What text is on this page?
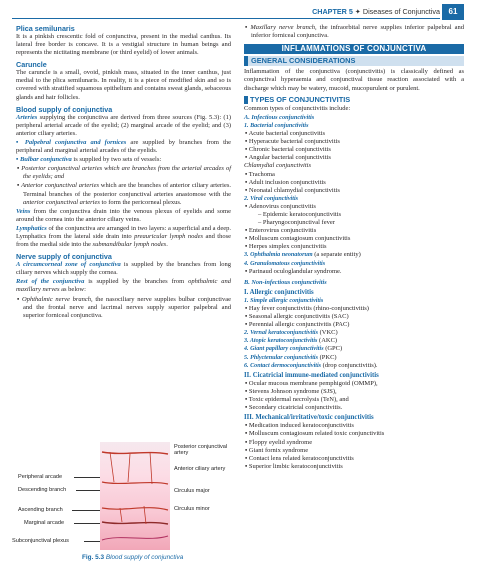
CHAPTER 5 ✦ Diseases of Conjunctiva	61
Plica semilunaris
It is a pinkish crescentic fold of conjunctiva, present in the medial canthus. Its lateral free border is concave. It is a vestigial structure in human beings and represents the nictitating membrane (or third eyelid) of lower animals.
Caruncle
The caruncle is a small, ovoid, pinkish mass, situated in the inner canthus, just medial to the plica semilunaris. In reality, it is a piece of modified skin and so is covered with stratified squamous epithelium and contains sweat glands, sebaceous glands and hair follicles.
Blood supply of conjunctiva
Arteries supplying the conjunctiva are derived from three sources (Fig. 5.3): (1) peripheral arterial arcade of the eyelid; (2) marginal arcade of the eyelid; and (3) anterior ciliary arteries.
▪ Palpebral conjunctiva and fornices are supplied by branches from the peripheral and marginal arterial arcades of the eyelids.
▪ Bulbar conjunctiva is supplied by two sets of vessels:
• Posterior conjunctival arteries which are branches from the arterial arcades of the eyelids; and
• Anterior conjunctival arteries which are the branches of anterior ciliary arteries. Terminal branches of the posterior conjunctival arteries anastomose with the anterior conjunctival arteries to form the pericorneal plexus.
Veins from the conjunctiva drain into the venous plexus of eyelids and some around the cornea into the anterior ciliary veins.
Lymphatics of the conjunctiva are arranged in two layers: a superficial and a deep. Lymphatics from the lateral side drain into preauricular lymph nodes and those from the medial side into the submandibular lymph nodes.
Nerve supply of conjunctiva
A circumcorneal zone of conjunctiva is supplied by the branches from long ciliary nerves which supply the cornea.
Rest of the conjunctiva is supplied by the branches from ophthalmic and maxillary nerves as below:
• Ophthalmic nerve branch, the nasociliary nerve supplies bulbar conjunctivae and the frontal nerve and lacrimal nerves supply superior palpebral and superior forniceal conjunctiva.
Peripheral arcade
Descending branch
Ascending branch
Marginal arcade
Subconjunctival plexus
Posterior conjunctival artery
Anterior ciliary artery
Circulus major
Circulus minor
Fig. 5.3 Blood supply of conjunctiva
• Maxillary nerve branch, the infraorbital nerve supplies inferior palpebral and inferior forniceal conjunctiva.
INFLAMMATIONS OF CONJUNCTIVA
GENERAL CONSIDERATIONS
Inflammation of the conjunctiva (conjunctivitis) is classically defined as conjunctival hyperaemia and conjunctival tissue reaction associated with a discharge which may be watery, mucoid, mucopurulent or purulent.
TYPES OF CONJUNCTIVITIS
Common types of conjunctivitis include:
A. Infectious conjunctivitis
1. Bacterial conjunctivitis
• Acute bacterial conjunctivitis
• Hyperacute bacterial conjunctivitis
• Chronic bacterial conjunctivitis
• Angular bacterial conjunctivitis
Chlamydial conjunctivitis
• Trachoma
• Adult inclusion conjunctivitis
• Neonatal chlamydial conjunctivitis
2. Viral conjunctivitis
• Adenovirus conjunctivitis
– Epidemic keratoconjunctivitis
– Pharyngoconjunctival fever
• Enterovirus conjunctivitis
• Molluscum contagiosum conjunctivitis
• Herpes simplex conjunctivitis
3. Ophthalmia neonatorum (a separate entity)
4. Granulomatous conjunctivitis
• Parinaud oculoglandular syndrome.
B. Non-infectious conjunctivitis
I. Allergic conjunctivitis
1. Simple allergic conjunctivitis
• Hay fever conjunctivitis (rhino-conjunctivitis)
• Seasonal allergic conjunctivitis (SAC)
• Perennial allergic conjunctivitis (PAC)
2. Vernal keratoconjunctivitis (VKC)
3. Atopic keratoconjunctivitis (AKC)
4. Giant papillary conjunctivitis (GPC)
5. Phlyctenular conjunctivitis (PKC)
6. Contact dermoconjunctivitis (drop conjunctivitis).
II. Cicatricial immune-mediated conjunctivitis
• Ocular mucous membrane pemphigoid (OMMP),
• Stevens Johnson syndrome (SJS),
• Toxic epidermal necrolysis (TeN), and
• Secondary cicatricial conjunctivitis.
III. Mechanical/irritative/toxic conjunctivitis
• Medication induced keratoconjunctivitis
• Molluscum contagiosum related toxic conjunctivitis
• Floppy eyelid syndrome
• Giant fornix syndrome
• Contact lens related keratoconjunctivitis
• Superior limbic keratoconjunctivitis
